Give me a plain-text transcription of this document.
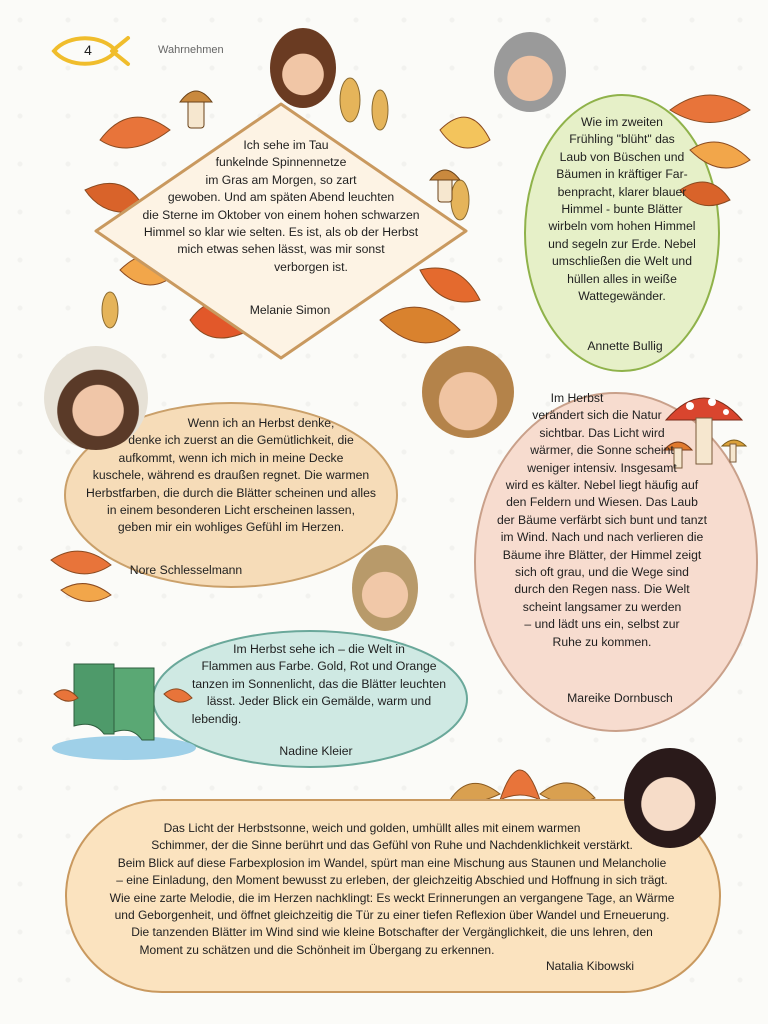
4	Wahrnehmen
Ich sehe im Tau
funkelnde Spinnennetze
im Gras am Morgen, so zart
gewoben. Und am späten Abend leuchten
die Sterne im Oktober von einem hohen schwarzen
Himmel so klar wie selten. Es ist, als ob der Herbst
mich etwas sehen lässt, was mir sonst
verborgen ist.
Melanie Simon
Wie im zweiten
Frühling "blüht" das
Laub von Büschen und
Bäumen in kräftiger Far-
benpracht, klarer blauer
Himmel - bunte Blätter
wirbeln vom hohen Himmel
und segeln zur Erde. Nebel
umschließen die Welt und
hüllen alles in weiße
Wattegewänder.
Annette Bullig
Wenn ich an Herbst denke,
denke ich zuerst an die Gemütlichkeit, die
aufkommt, wenn ich mich in meine Decke
kuschele, während es draußen regnet. Die warmen
Herbstfarben, die durch die Blätter scheinen und alles
in einem besonderen Licht erscheinen lassen,
geben mir ein wohliges Gefühl im Herzen.
Nore Schlesselmann
Im Herbst
verändert sich die Natur
sichtbar. Das Licht wird
wärmer, die Sonne scheint
weniger intensiv. Insgesamt
wird es kälter. Nebel liegt häufig auf
den Feldern und Wiesen. Das Laub
der Bäume verfärbt sich bunt und tanzt
im Wind. Nach und nach verlieren die
Bäume ihre Blätter, der Himmel zeigt
sich oft grau, und die Wege sind
durch den Regen nass. Die Welt
scheint langsamer zu werden
– und lädt uns ein, selbst zur
Ruhe zu kommen.
Mareike Dornbusch
Im Herbst sehe ich – die Welt in
Flammen aus Farbe. Gold, Rot und Orange
tanzen im Sonnenlicht, das die Blätter leuchten
lässt. Jeder Blick ein Gemälde, warm und
lebendig.
Nadine Kleier
Das Licht der Herbstsonne, weich und golden, umhüllt alles mit einem warmen
Schimmer, der die Sinne berührt und das Gefühl von Ruhe und Nachdenklichkeit verstärkt.
Beim Blick auf diese Farbexplosion im Wandel, spürt man eine Mischung aus Staunen und Melancholie
– eine Einladung, den Moment bewusst zu erleben, der gleichzeitig Abschied und Hoffnung in sich trägt.
Wie eine zarte Melodie, die im Herzen nachklingt: Es weckt Erinnerungen an vergangene Tage, an Wärme
und Geborgenheit, und öffnet gleichzeitig die Tür zu einer tiefen Reflexion über Wandel und Erneuerung.
Die tanzenden Blätter im Wind sind wie kleine Botschafter der Vergänglichkeit, die uns lehren, den
Moment zu schätzen und die Schönheit im Übergang zu erkennen.
Natalia Kibowski
